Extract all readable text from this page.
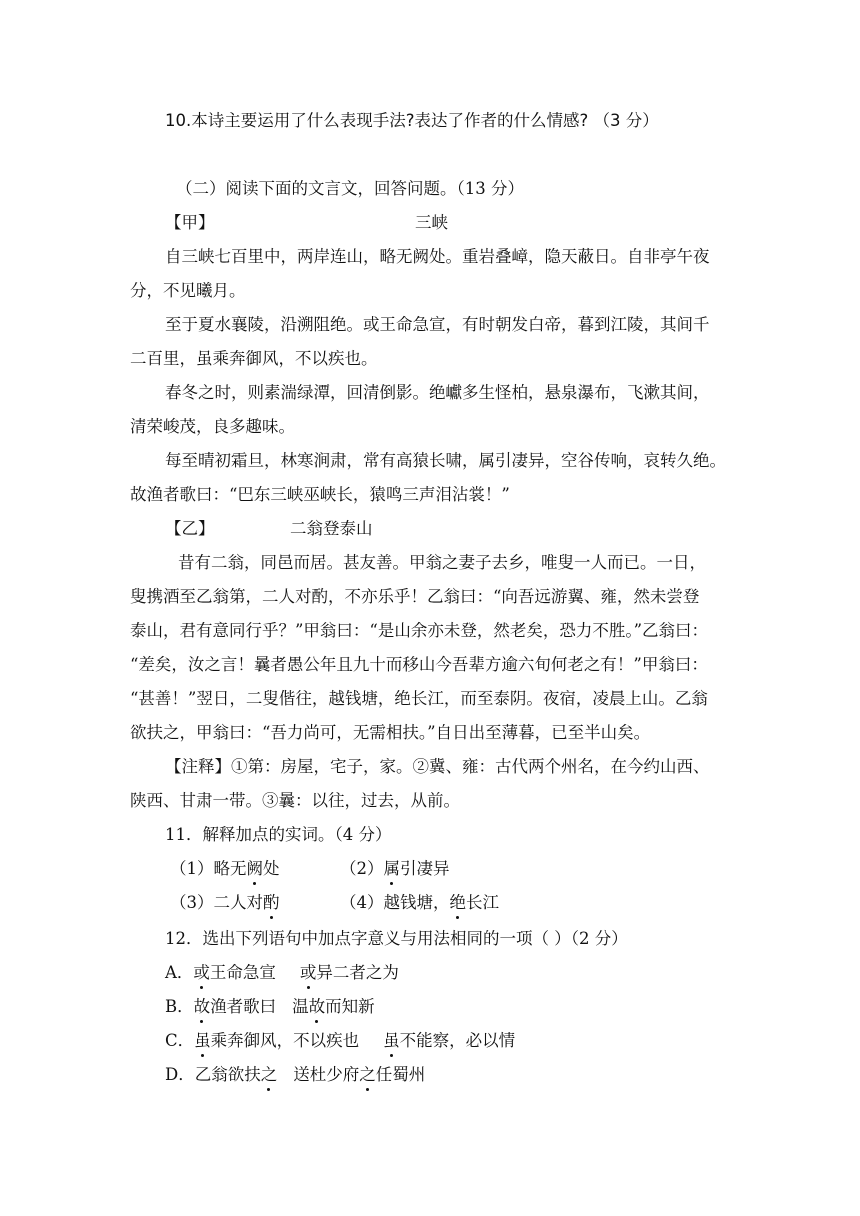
10.本诗主要运用了什么表现手法?表达了作者的什么情感? （3 分）
（二）阅读下面的文言文，回答问题。（13 分）
【甲】	三峡
自三峡七百里中，两岸连山，略无阙处。重岩叠嶂，隐天蔽日。自非亭午夜
分，不见曦月。
至于夏水襄陵，沿溯阻绝。或王命急宣，有时朝发白帝，暮到江陵，其间千
二百里，虽乘奔御风，不以疾也。
春冬之时，则素湍绿潭，回清倒影。绝巘多生怪柏，悬泉瀑布，飞漱其间，
清荣峻茂，良多趣味。
每至晴初霜旦，林寒涧肃，常有高猿长啸，属引凄异，空谷传响，哀转久绝。
故渔者歌曰：“巴东三峡巫峡长，猿鸣三声泪沾裳！”
【乙】	二翁登泰山
昔有二翁，同邑而居。甚友善。甲翁之妻子去乡，唯叟一人而已。一日，
叟携酒至乙翁第，二人对酌，不亦乐乎！乙翁曰：“向吾远游翼、雍，然未尝登
泰山，君有意同行乎？”甲翁曰：“是山余亦未登，然老矣，恐力不胜。”乙翁曰：
“差矣，汝之言！曩者愚公年且九十而移山今吾辈方逾六旬何老之有！”甲翁曰：
“甚善！”翌日，二叟偕往，越钱塘，绝长江，而至泰阴。夜宿，凌晨上山。乙翁
欲扶之，甲翁曰：“吾力尚可，无需相扶。”自日出至薄暮，已至半山矣。
【注释】①第：房屋，宅子，家。②冀、雍：古代两个州名，在今约山西、
陕西、甘肃一带。③曩：以往，过去，从前。
11．解释加点的实词。（4 分）
（1）略无阙处	（2）属引凄异
（3）二人对酌	（4）越钱塘，绝长江
12．选出下列语句中加点字意义与用法相同的一项（ ）（2 分）
A．或王命急宣 或异二者之为
B．故渔者歌曰 温故而知新
C．虽乘奔御风，不以疾也 虽不能察，必以情
D．乙翁欲扶之 送杜少府之任蜀州
